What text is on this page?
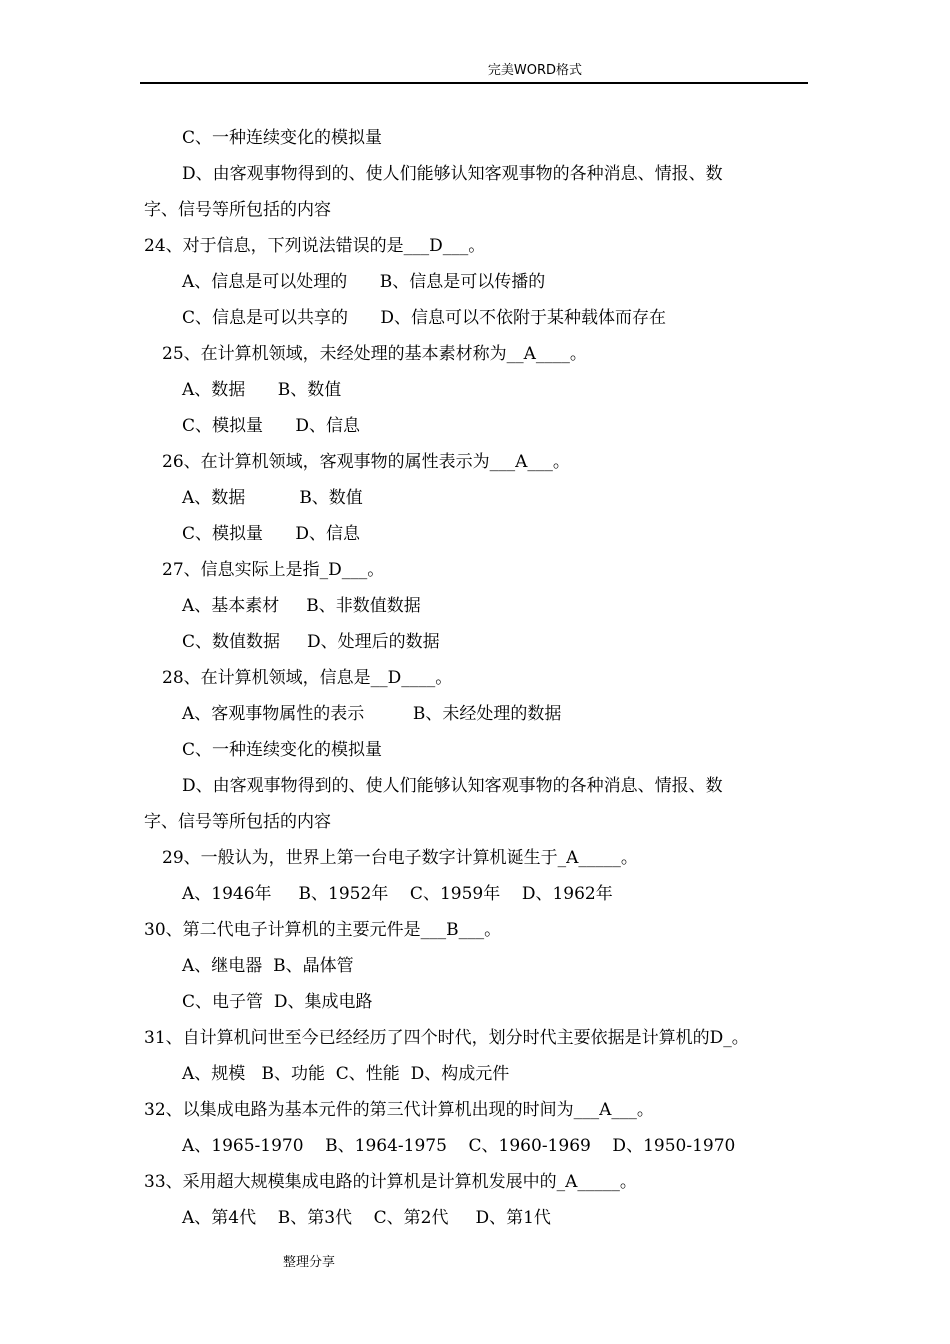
完美WORD格式
C、一种连续变化的模拟量
D、由客观事物得到的、使人们能够认知客观事物的各种消息、情报、数
字、信号等所包括的内容
24、对于信息，下列说法错误的是___D___。
A、信息是可以处理的      B、信息是可以传播的
C、信息是可以共享的      D、信息可以不依附于某种载体而存在
25、在计算机领域，未经处理的基本素材称为__A____。
A、数据      B、数值
C、模拟量      D、信息
26、在计算机领域，客观事物的属性表示为___A___。
A、数据          B、数值
C、模拟量      D、信息
27、信息实际上是指_D___。
A、基本素材     B、非数值数据
C、数值数据     D、处理后的数据
28、在计算机领域，信息是__D____。
A、客观事物属性的表示         B、未经处理的数据
C、一种连续变化的模拟量
D、由客观事物得到的、使人们能够认知客观事物的各种消息、情报、数
字、信号等所包括的内容
29、一般认为，世界上第一台电子数字计算机诞生于_A_____。
A、1946年     B、1952年    C、1959年    D、1962年
30、第二代电子计算机的主要元件是___B___。
A、继电器  B、晶体管
C、电子管  D、集成电路
31、自计算机问世至今已经经历了四个时代，划分时代主要依据是计算机的D_。
A、规模   B、功能  C、性能  D、构成元件
32、以集成电路为基本元件的第三代计算机出现的时间为___A___。
A、1965-1970    B、1964-1975    C、1960-1969    D、1950-1970
33、采用超大规模集成电路的计算机是计算机发展中的_A_____。
A、第4代    B、第3代    C、第2代     D、第1代
整理分享
